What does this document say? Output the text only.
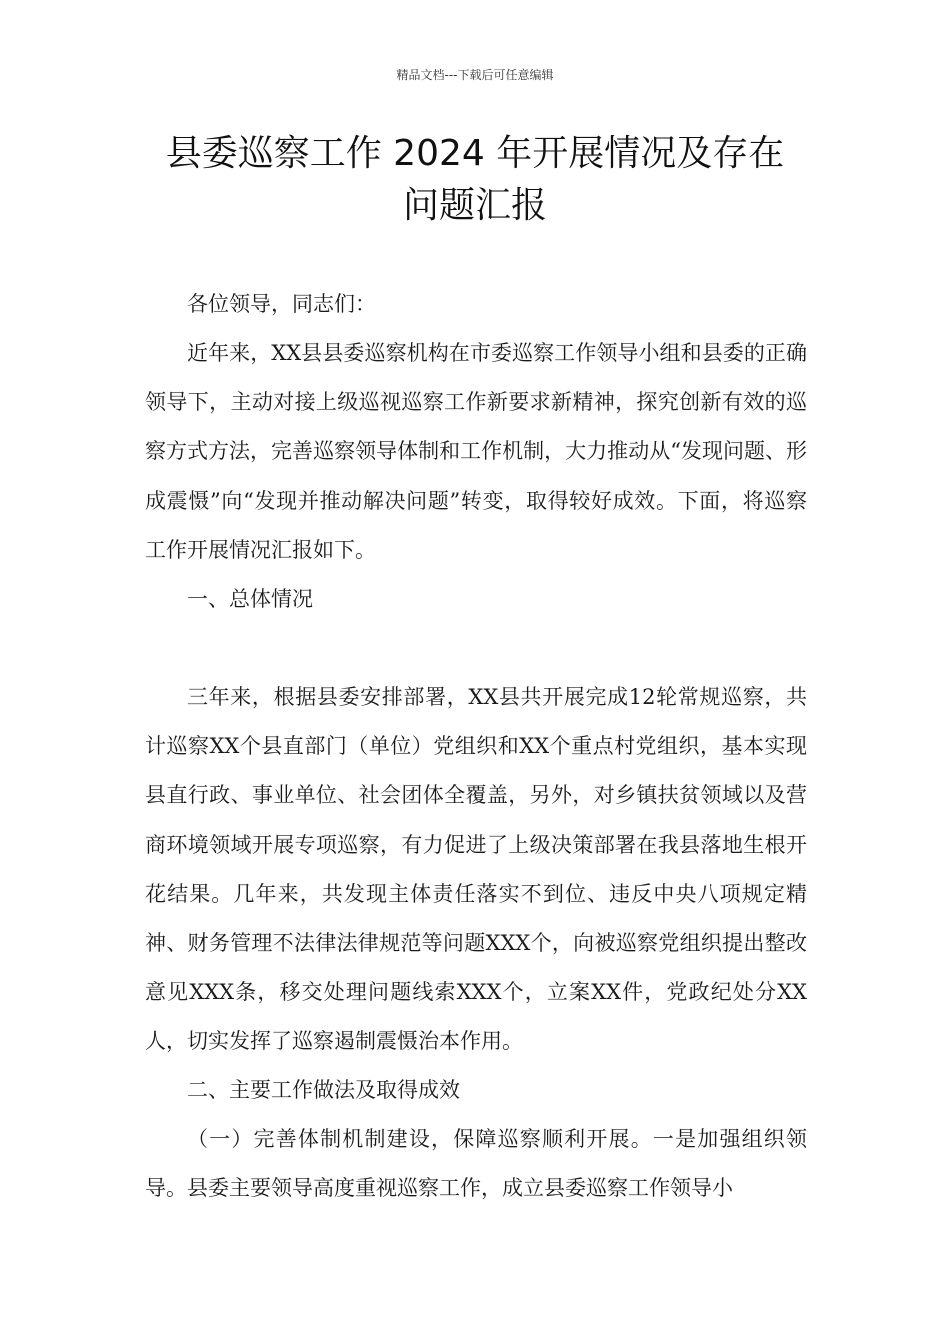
精品文档---下载后可任意编辑
县委巡察工作 2024 年开展情况及存在
问题汇报

各位领导，同志们：

近年来，XX县县委巡察机构在市委巡察工作领导小组和县委的正确领导下，主动对接上级巡视巡察工作新要求新精神，探究创新有效的巡察方式方法，完善巡察领导体制和工作机制，大力推动从“发现问题、形成震慑”向“发现并推动解决问题”转变，取得较好成效。下面，将巡察工作开展情况汇报如下。

一、总体情况

三年来，根据县委安排部署，XX县共开展完成12轮常规巡察，共计巡察XX个县直部门（单位）党组织和XX个重点村党组织，基本实现县直行政、事业单位、社会团体全覆盖，另外，对乡镇扶贫领域以及营商环境领域开展专项巡察，有力促进了上级决策部署在我县落地生根开花结果。几年来，共发现主体责任落实不到位、违反中央八项规定精神、财务管理不法律法律规范等问题XXX个，向被巡察党组织提出整改意见XXX条，移交处理问题线索XXX个，立案XX件，党政纪处分XX人，切实发挥了巡察遏制震慑治本作用。

二、主要工作做法及取得成效

（一）完善体制机制建设，保障巡察顺利开展。一是加强组织领导。县委主要领导高度重视巡察工作，成立县委巡察工作领导小
